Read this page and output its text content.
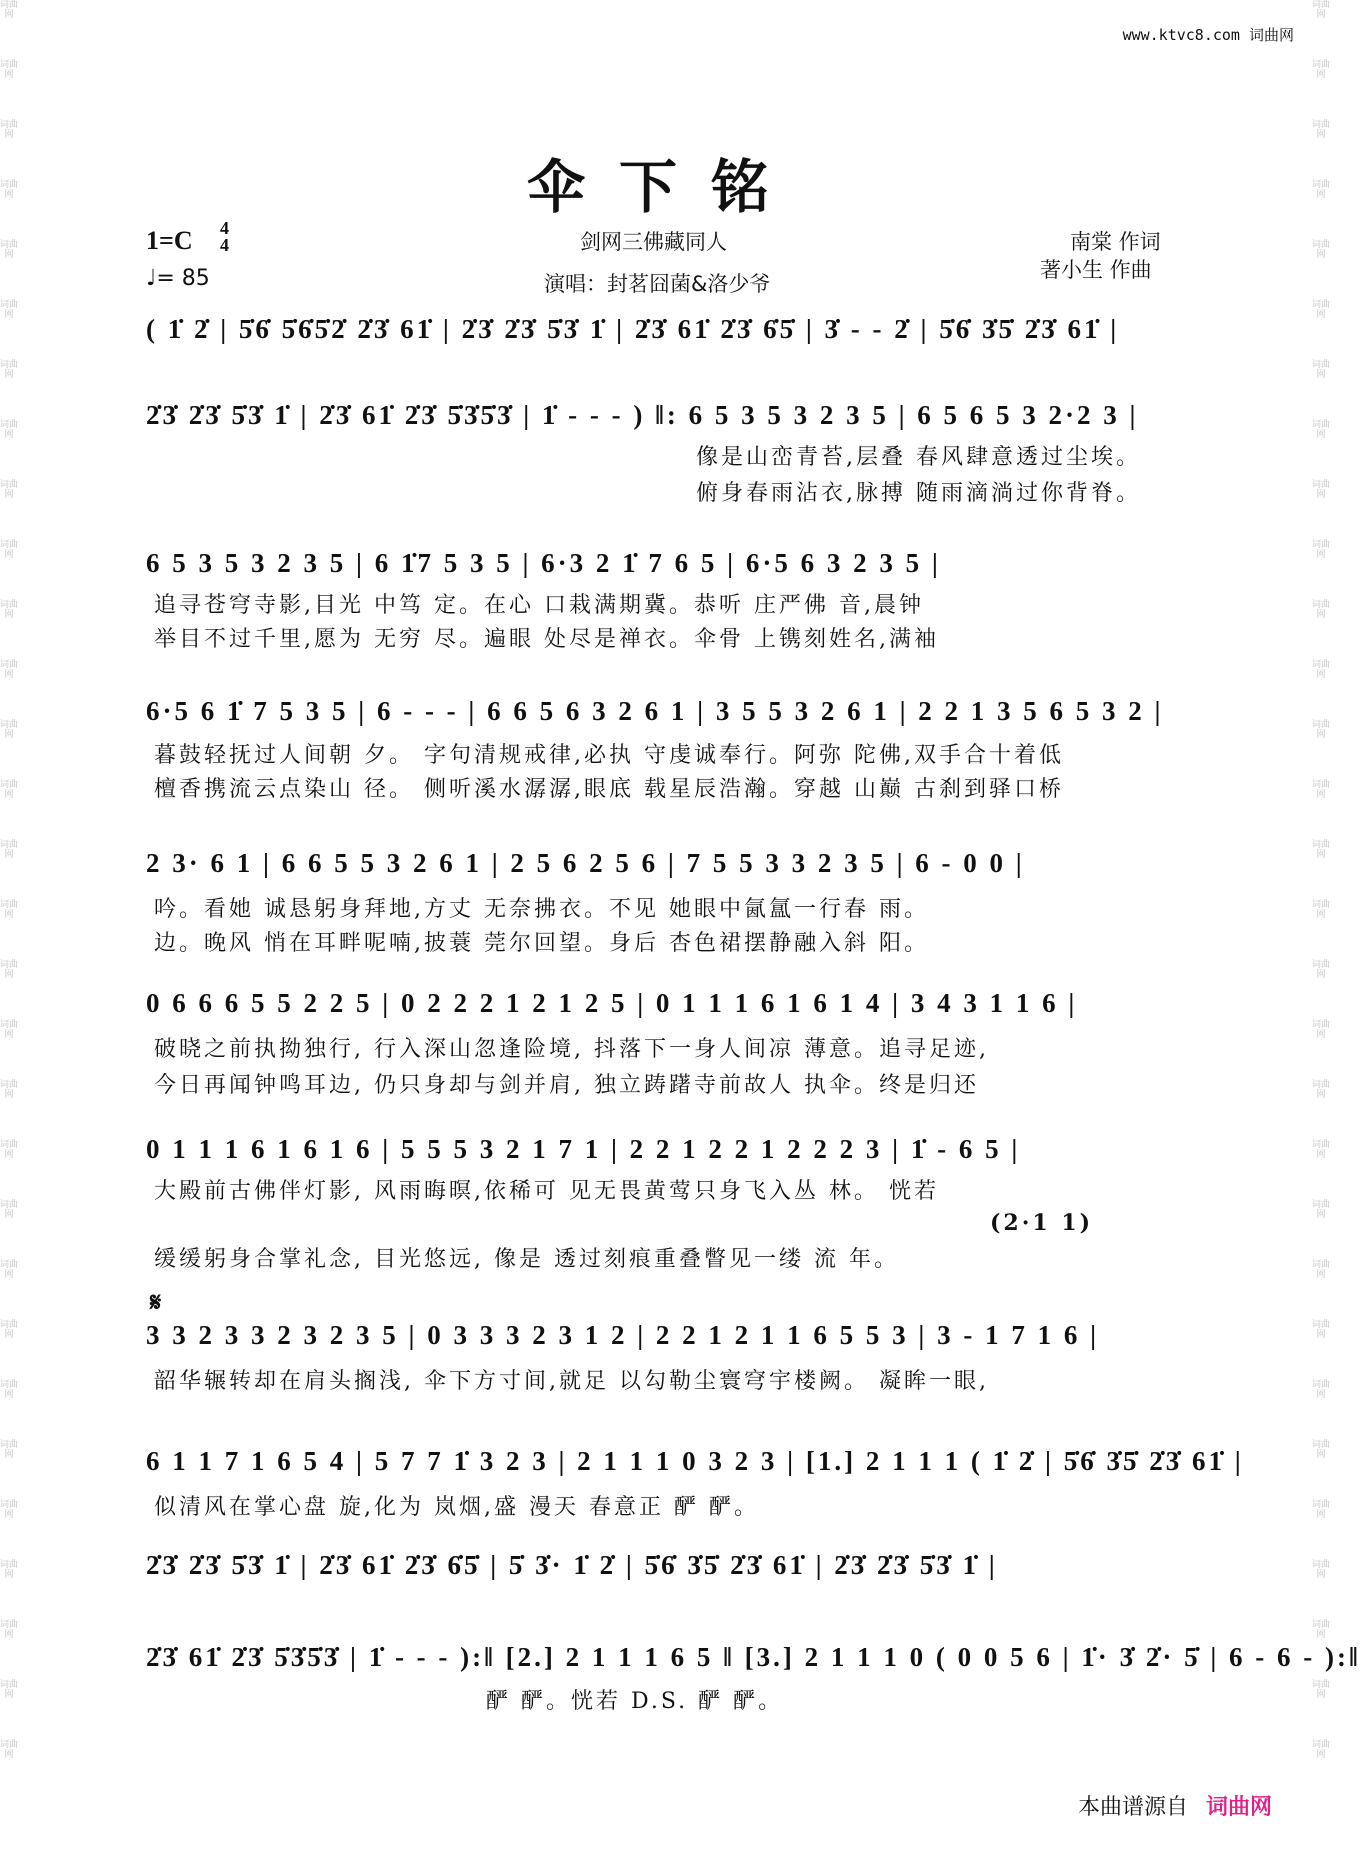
词曲网
词曲网
词曲网
词曲网
词曲网
词曲网
词曲网
词曲网
词曲网
词曲网
词曲网
词曲网
词曲网
词曲网
词曲网
词曲网
词曲网
词曲网
词曲网
词曲网
词曲网
词曲网
词曲网
词曲网
词曲网
词曲网
词曲网
词曲网
词曲网
词曲网
词曲网
词曲网
词曲网
词曲网
词曲网
词曲网
词曲网
词曲网
词曲网
词曲网
词曲网
词曲网
词曲网
词曲网
词曲网
词曲网
词曲网
词曲网
词曲网
词曲网
词曲网
词曲网
词曲网
词曲网
词曲网
词曲网
词曲网
词曲网
词曲网
词曲网
www.ktvc8.com 词曲网
伞下铭
1=C 4
4
♩= 85
剑网三佛藏同人
演唱：封茗囧菌&洛少爷
南棠 作词
著小生 作曲
( 1̇ 2̇ | 5̇6̇ 5̇6̇5̇2̇ 2̇3̇ 61̇ | 2̇3̇ 2̇3̇ 5̇3̇ 1̇ | 2̇3̇ 61̇ 2̇3̇ 6̇5̇ | 3̇ - - 2̇ | 5̇6̇ 3̇5̇ 2̇3̇ 61̇ |
2̇3̇ 2̇3̇ 5̇3̇ 1̇ | 2̇3̇ 61̇ 2̇3̇ 5̇3̇5̇3̇ | 1̇ - - - ) ‖: 6 5 3 5 3 2 3 5 | 6 5 6 5 3 2·2 3 |
像是山峦青苔,层叠 春风肆意透过尘埃。
俯身春雨沾衣,脉搏 随雨滴淌过你背脊。
6 5 3 5 3 2 3 5 | 6 1̇7 5 3 5 | 6·3 2 1̇ 7 6 5 | 6·5 6 3 2 3 5 |
追寻苍穹寺影,目光 中笃 定。在心 口栽满期冀。恭听 庄严佛 音,晨钟
举目不过千里,愿为 无穷 尽。遍眼 处尽是禅衣。伞骨 上镌刻姓名,满袖
6·5 6 1̇ 7 5 3 5 | 6 - - - | 6 6 5 6 3 2 6 1 | 3 5 5 3 2 6 1 | 2 2 1 3 5 6 5 3 2 |
暮鼓轻抚过人间朝 夕。 字句清规戒律,必执 守虔诚奉行。阿弥 陀佛,双手合十着低
檀香携流云点染山 径。 侧听溪水潺潺,眼底 载星辰浩瀚。穿越 山巅 古刹到驿口桥
2 3· 6 1 | 6 6 5 5 3 2 6 1 | 2 5 6 2 5 6 | 7 5 5 3 3 2 3 5 | 6 - 0 0 |
吟。看她 诚恳躬身拜地,方丈 无奈拂衣。不见 她眼中氤氲一行春 雨。
边。晚风 悄在耳畔呢喃,披蓑 莞尔回望。身后 杏色裙摆静融入斜 阳。
0 6 6 6 5 5 2 2 5 | 0 2 2 2 1 2 1 2 5 | 0 1 1 1 6 1 6 1 4 | 3 4 3 1 1 6 |
破晓之前执拗独行, 行入深山忽逢险境, 抖落下一身人间凉 薄意。追寻足迹,
今日再闻钟鸣耳边, 仍只身却与剑并肩, 独立踌躇寺前故人 执伞。终是归还
0 1 1 1 6 1 6 1 6 | 5 5 5 3 2 1 7 1 | 2 2 1 2 2 1 2 2 2 3 | 1̇ - 6 5 |
大殿前古佛伴灯影, 风雨晦暝,依稀可 见无畏黄莺只身飞入丛 林。 恍若
(2·1 1)
缓缓躬身合掌礼念, 目光悠远, 像是 透过刻痕重叠瞥见一缕 流 年。
𝄋
3 3 2 3 3 2 3 2 3 5 | 0 3 3 3 2 3 1 2 | 2 2 1 2 1 1 6 5 5 3 | 3 - 1 7 1 6 |
韶华辗转却在肩头搁浅, 伞下方寸间,就足 以勾勒尘寰穹宇楼阙。 凝眸一眼,
6 1 1 7 1 6 5 4 | 5 7 7 1̇ 3 2 3 | 2 1 1 1 0 3 2 3 | [1.] 2 1 1 1 ( 1̇ 2̇ | 5̇6̇ 3̇5̇ 2̇3̇ 61̇ |
似清风在掌心盘 旋,化为 岚烟,盛 漫天 春意正 酽 酽。
2̇3̇ 2̇3̇ 5̇3̇ 1̇ | 2̇3̇ 61̇ 2̇3̇ 6̇5̇ | 5̇ 3̇· 1̇ 2̇ | 5̇6̇ 3̇5̇ 2̇3̇ 61̇ | 2̇3̇ 2̇3̇ 5̇3̇ 1̇ |
2̇3̇ 61̇ 2̇3̇ 5̇3̇5̇3̇ | 1̇ - - - ):‖ [2.] 2 1 1 1 6 5 ‖ [3.] 2 1 1 1 0 ( 0 0 5 6 | 1̇· 3̇ 2̇· 5̇ | 6 - 6 - ):‖
酽 酽。恍若 D.S. 酽 酽。
本曲谱源自 词曲网
